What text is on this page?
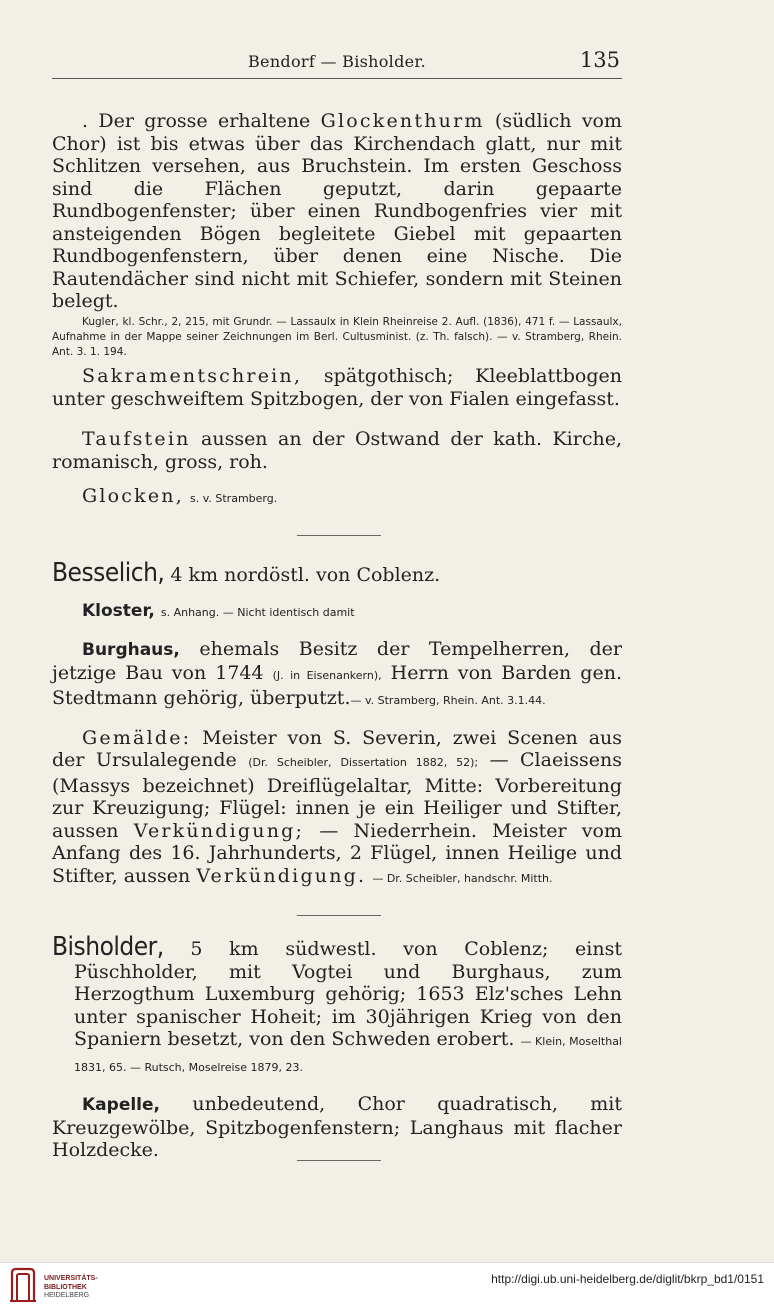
Bendorf — Bisholder.	135

. Der grosse erhaltene Glockenthurm (südlich vom Chor) ist bis etwas über das Kirchendach glatt, nur mit Schlitzen versehen, aus Bruchstein. Im ersten Geschoss sind die Flächen geputzt, darin gepaarte Rundbogenfenster; über einen Rundbogenfries vier mit ansteigenden Bögen begleitete Giebel mit gepaarten Rundbogenfenstern, über denen eine Nische. Die Rautendächer sind nicht mit Schiefer, sondern mit Steinen belegt.

Kugler, kl. Schr., 2, 215, mit Grundr. — Lassaulx in Klein Rheinreise 2. Aufl. (1836), 471 f. — Lassaulx, Aufnahme in der Mappe seiner Zeichnungen im Berl. Cultusminist. (z. Th. falsch). — v. Stramberg, Rhein. Ant. 3. 1. 194.

Sakramentschrein, spätgothisch; Kleeblattbogen unter geschweiftem Spitzbogen, der von Fialen eingefasst.

Taufstein aussen an der Ostwand der kath. Kirche, romanisch, gross, roh.

Glocken, s. v. Stramberg.

Besselich, 4 km nordöstl. von Coblenz.

Kloster, s. Anhang. — Nicht identisch damit

Burghaus, ehemals Besitz der Tempelherren, der jetzige Bau von 1744 (J. in Eisenankern), Herrn von Barden gen. Stedtmann gehörig, überputzt.— v. Stramberg, Rhein. Ant. 3.1.44.

Gemälde: Meister von S. Severin, zwei Scenen aus der Ursulalegende (Dr. Scheibler, Dissertation 1882, 52); — Claeissens (Massys bezeichnet) Dreiflügelaltar, Mitte: Vorbereitung zur Kreuzigung; Flügel: innen je ein Heiliger und Stifter, aussen Verkündigung; — Niederrhein. Meister vom Anfang des 16. Jahrhunderts, 2 Flügel, innen Heilige und Stifter, aussen Verkündigung. — Dr. Scheibler, handschr. Mitth.

Bisholder, 5 km südwestl. von Coblenz; einst Püschholder, mit Vogtei und Burghaus, zum Herzogthum Luxemburg gehörig; 1653 Elz'sches Lehn unter spanischer Hoheit; im 30jährigen Krieg von den Spaniern besetzt, von den Schweden erobert. — Klein, Moselthal 1831, 65. — Rutsch, Moselreise 1879, 23.

Kapelle, unbedeutend, Chor quadratisch, mit Kreuzgewölbe, Spitzbogenfenstern; Langhaus mit flacher Holzdecke.

UNIVERSITÄTS-
BIBLIOTHEK
HEIDELBERG
http://digi.ub.uni-heidelberg.de/diglit/bkrp_bd1/0151
